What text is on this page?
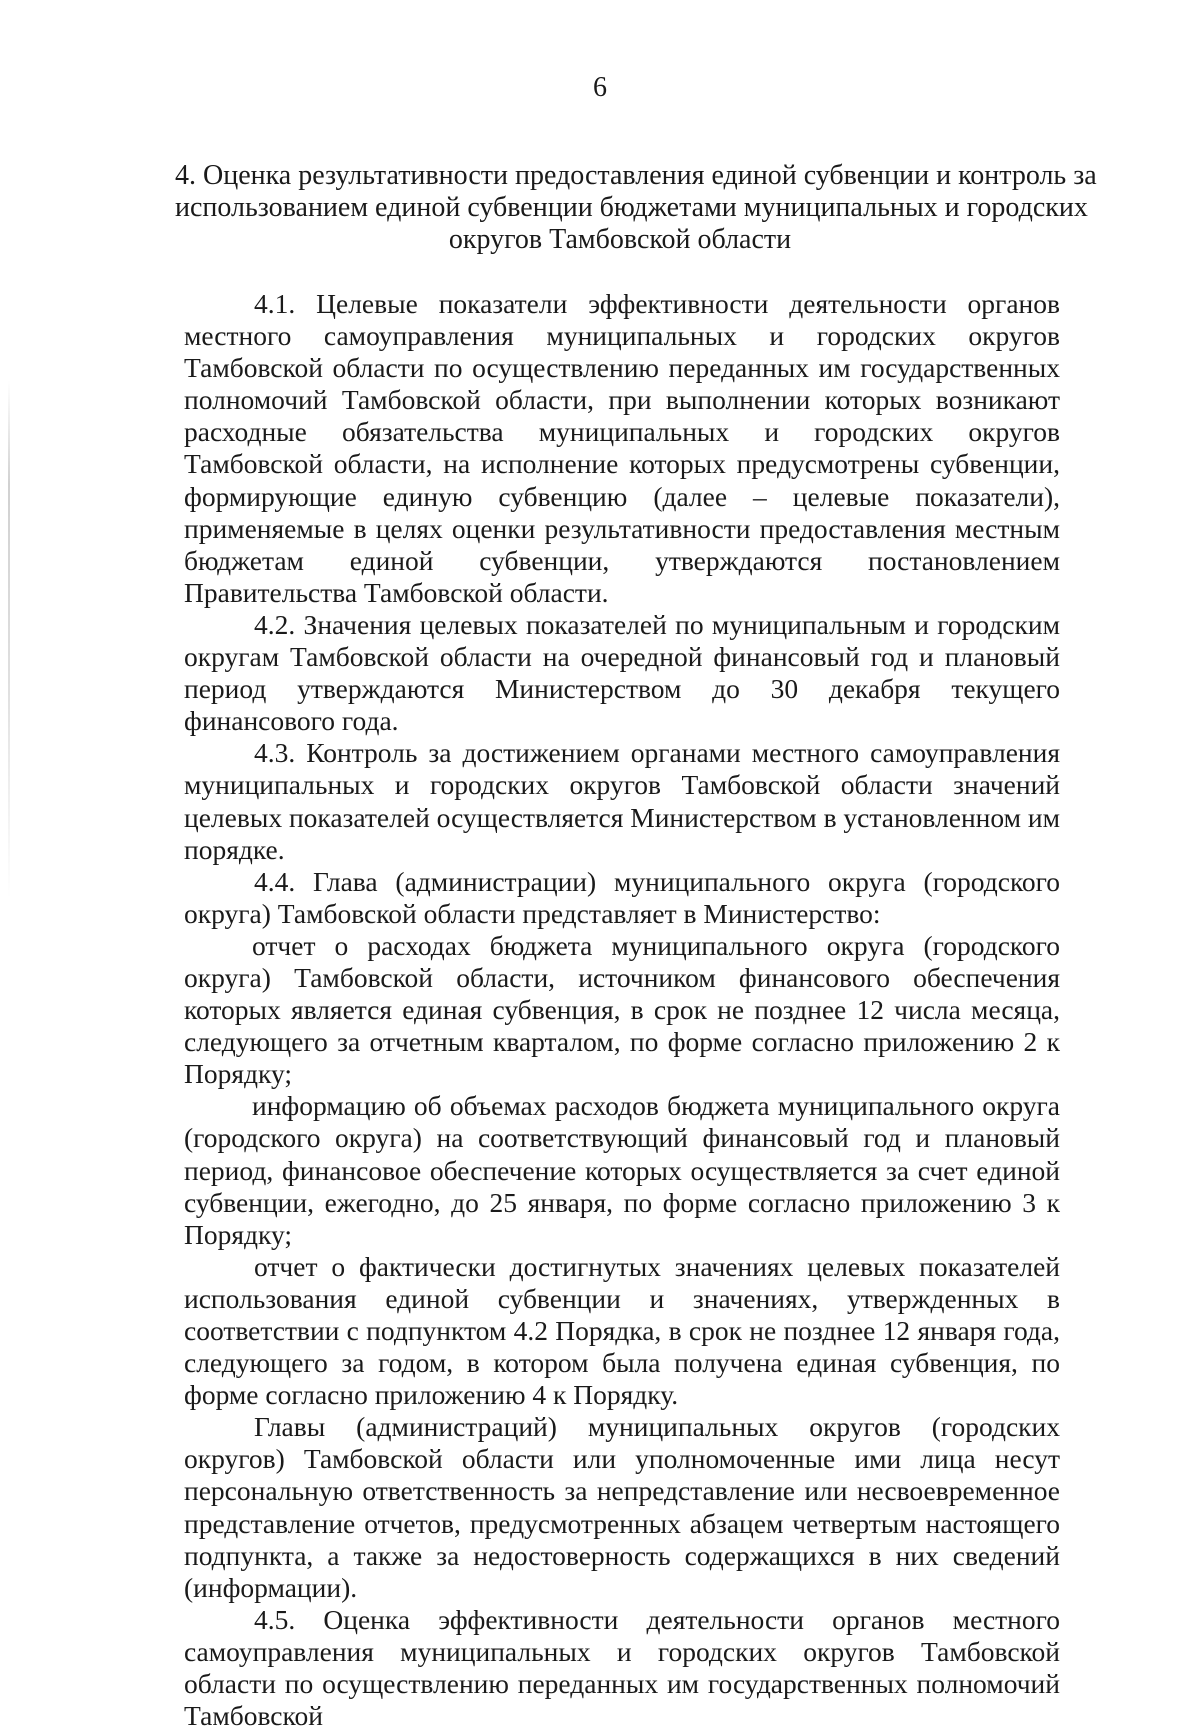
6
4. Оценка результативности предоставления единой субвенции и контроль за
использованием единой субвенции бюджетами муниципальных и городских
округов Тамбовской области

4.1. Целевые показатели эффективности деятельности органов местного самоуправления муниципальных и городских округов Тамбовской области по осуществлению переданных им государственных полномочий Тамбовской области, при выполнении которых возникают расходные обязательства муниципальных и городских округов Тамбовской области, на исполнение которых предусмотрены субвенции, формирующие единую субвенцию (далее – целевые показатели), применяемые в целях оценки результативности предоставления местным бюджетам единой субвенции, утверждаются постановлением Правительства Тамбовской области.

4.2. Значения целевых показателей по муниципальным и городским округам Тамбовской области на очередной финансовый год и плановый период утверждаются Министерством до 30 декабря текущего финансового года.

4.3. Контроль за достижением органами местного самоуправления муниципальных и городских округов Тамбовской области значений целевых показателей осуществляется Министерством в установленном им порядке.

4.4. Глава (администрации) муниципального округа (городского округа) Тамбовской области представляет в Министерство:

отчет о расходах бюджета муниципального округа (городского округа) Тамбовской области, источником финансового обеспечения которых является единая субвенция, в срок не позднее 12 числа месяца, следующего за отчетным кварталом, по форме согласно приложению 2 к Порядку;

информацию об объемах расходов бюджета муниципального округа (городского округа) на соответствующий финансовый год и плановый период, финансовое обеспечение которых осуществляется за счет единой субвенции, ежегодно, до 25 января, по форме согласно приложению 3 к Порядку;

отчет о фактически достигнутых значениях целевых показателей использования единой субвенции и значениях, утвержденных в соответствии с подпунктом 4.2 Порядка, в срок не позднее 12 января года, следующего за годом, в котором была получена единая субвенция, по форме согласно приложению 4 к Порядку.

Главы (администраций) муниципальных округов (городских округов) Тамбовской области или уполномоченные ими лица несут персональную ответственность за непредставление или несвоевременное представление отчетов, предусмотренных абзацем четвертым настоящего подпункта, а также за недостоверность содержащихся в них сведений (информации).

4.5. Оценка эффективности деятельности органов местного самоуправления муниципальных и городских округов Тамбовской области по осуществлению переданных им государственных полномочий Тамбовской
